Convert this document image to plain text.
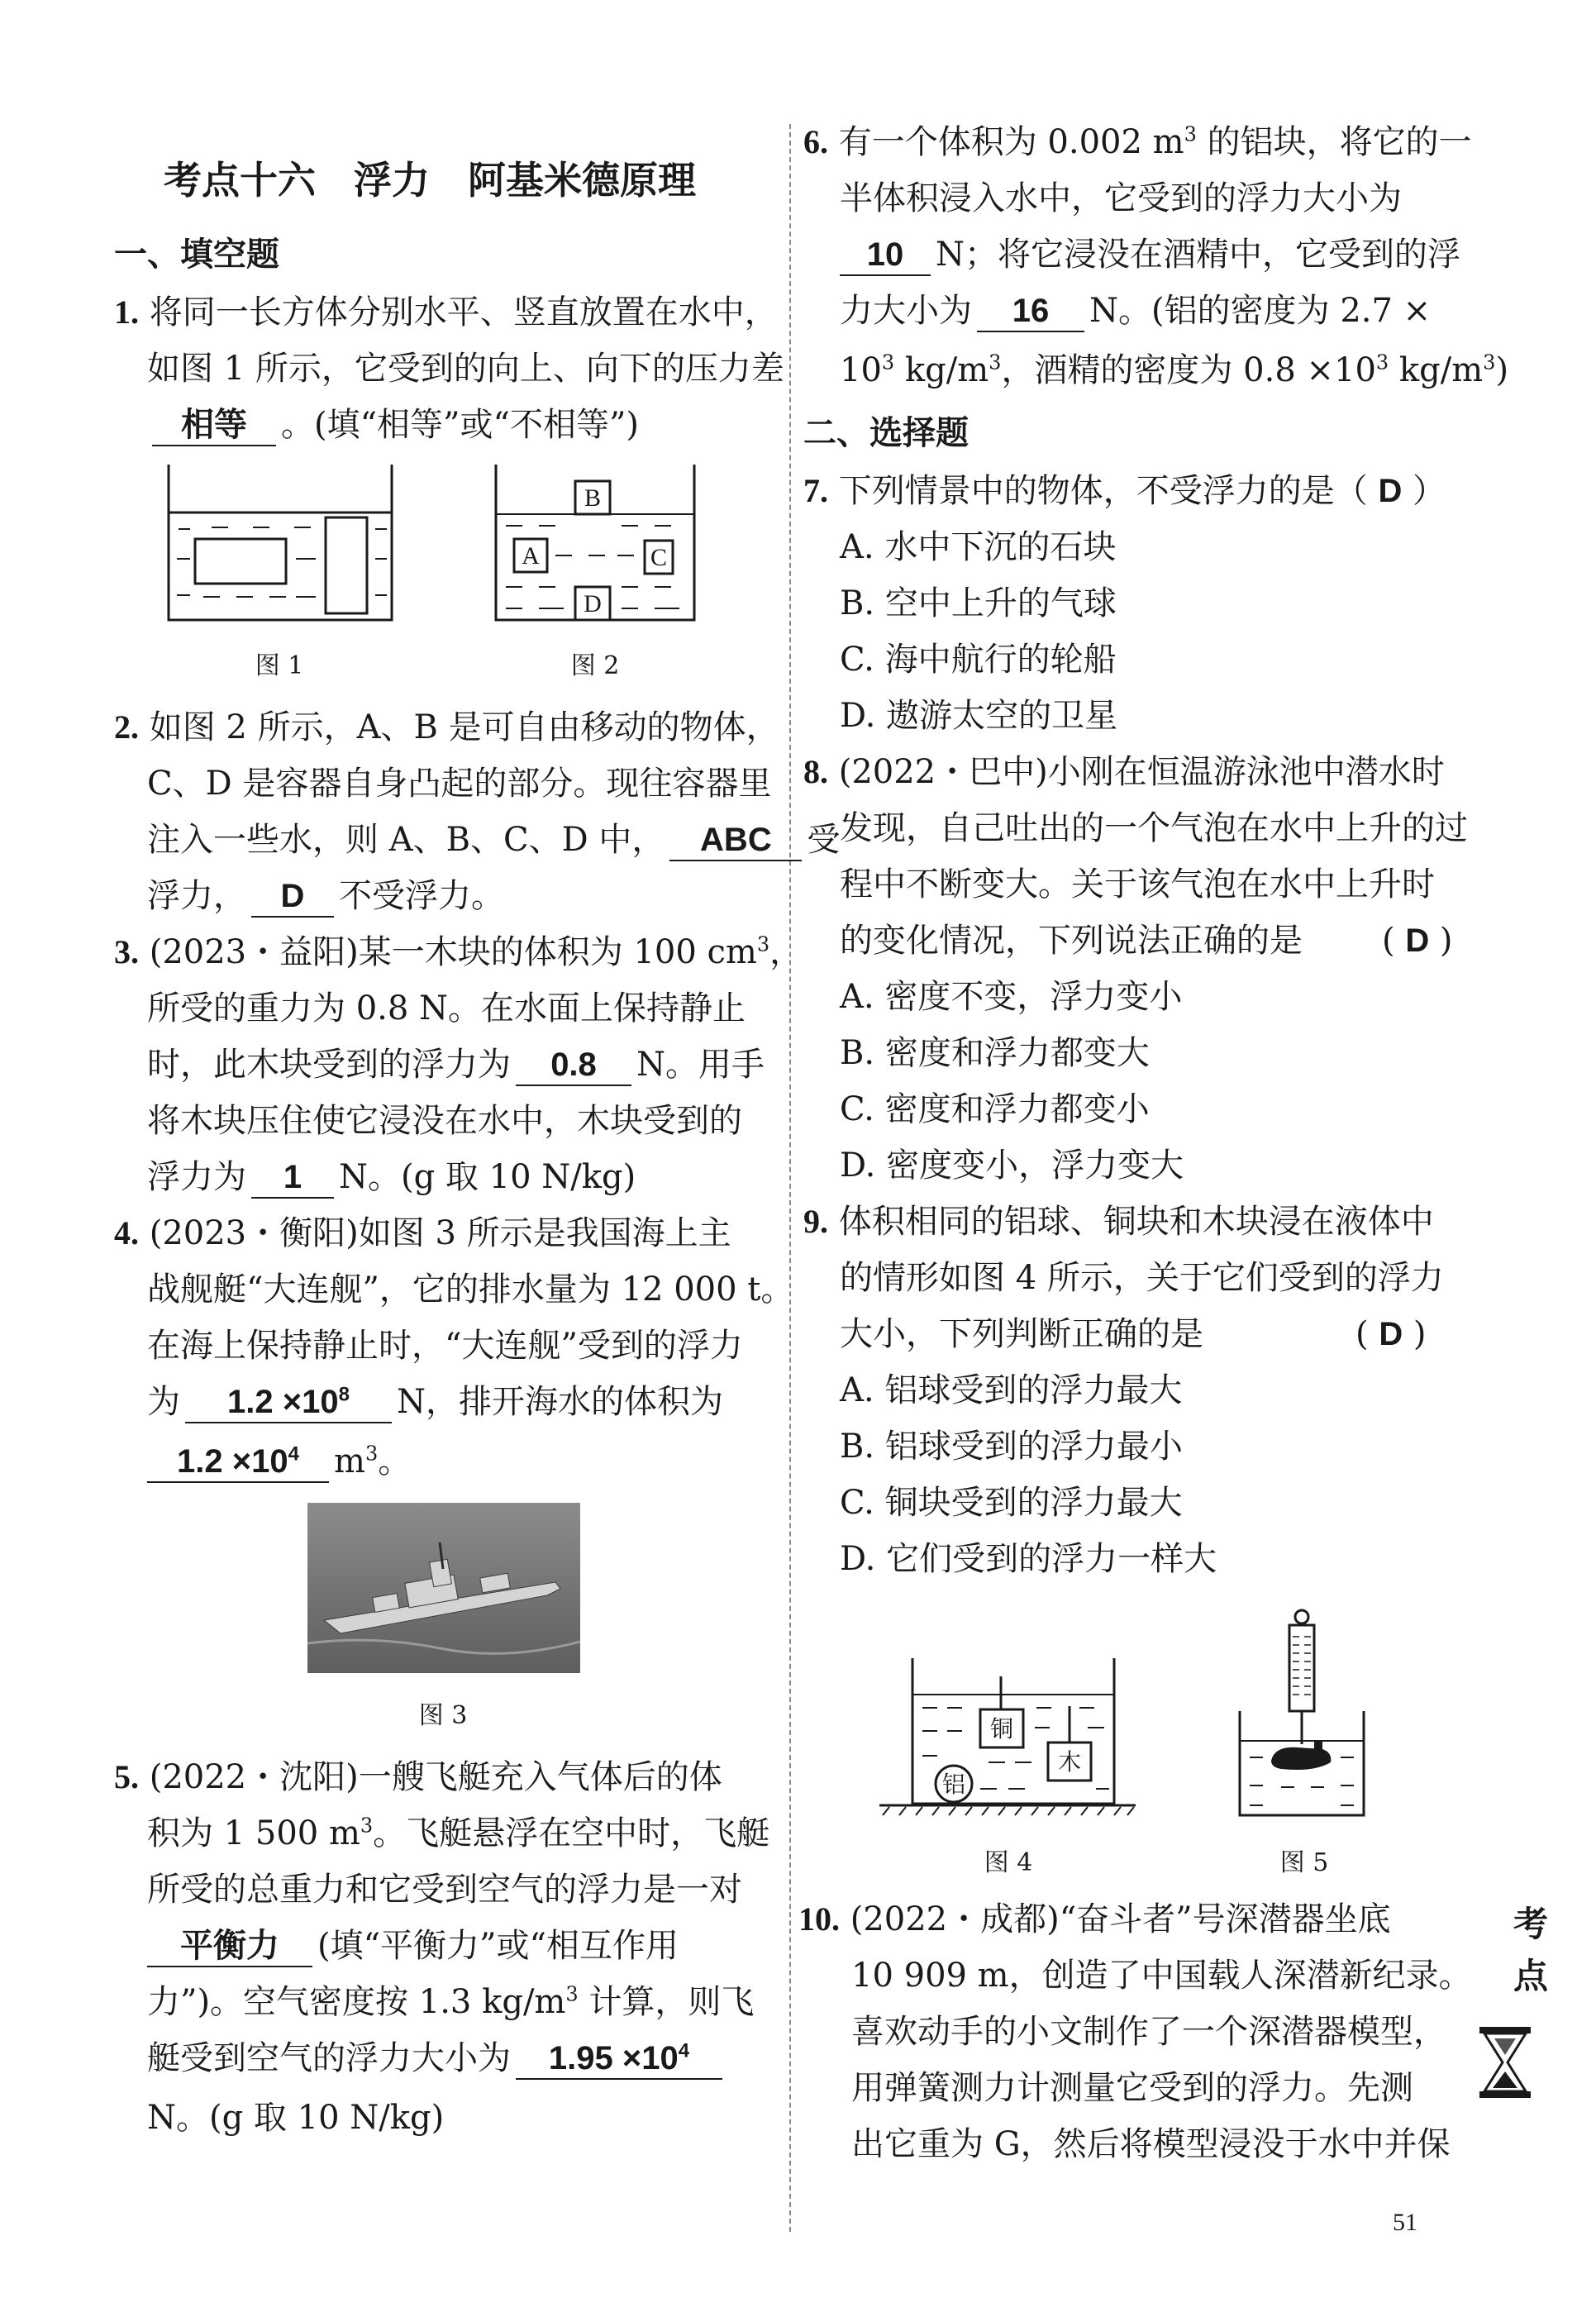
考点十六　浮力　阿基米德原理
一、填空题
1. 将同一长方体分别水平、竖直放置在水中，
如图 1 所示，它受到的向上、向下的压力差
相等 。(填“相等”或“不相等”)
图 1
B
A	C
D
图 2
2. 如图 2 所示，A、B 是可自由移动的物体，
C、D 是容器自身凸起的部分。现往容器里
注入一些水，则 A、B、C、D 中， ABC 受
浮力， D 不受浮力。
3. (2023・益阳)某一木块的体积为 100 $cm^3$，
所受的重力为 0.8 N。在水面上保持静止
时，此木块受到的浮力为 0.8 N。用手
将木块压住使它浸没在水中，木块受到的
浮力为 1 N。(g 取 10 N/kg)
4. (2023・衡阳)如图 3 所示是我国海上主
战舰艇“大连舰”，它的排水量为 12 000 t。
在海上保持静止时，“大连舰”受到的浮力
为 $1.2 \times 10^8$ N，排开海水的体积为
$1.2 \times 10^4$ $m^3$。
图 3
5. (2022・沈阳)一艘飞艇充入气体后的体
积为 1 500 $m^3$。飞艇悬浮在空中时，飞艇
所受的总重力和它受到空气的浮力是一对
平衡力 (填“平衡力”或“相互作用
力”)。空气密度按 1.3 $kg/m^3$ 计算，则飞
艇受到空气的浮力大小为 $1.95 \times 10^4$
N。(g 取 10 N/kg)
6. 有一个体积为 0.002 $m^3$ 的铝块，将它的一
半体积浸入水中，它受到的浮力大小为
10 N；将它浸没在酒精中，它受到的浮
力大小为 16 N。(铝的密度为 2.7 ×
$10^3$ $kg/m^3$，酒精的密度为 $0.8 \times 10^3$ $kg/m^3$)
二、选择题
7. 下列情景中的物体，不受浮力的是（ D ）
A. 水中下沉的石块
B. 空中上升的气球
C. 海中航行的轮船
D. 遨游太空的卫星
8. (2022・巴中)小刚在恒温游泳池中潜水时
发现，自己吐出的一个气泡在水中上升的过
程中不断变大。关于该气泡在水中上升时
的变化情况，下列说法正确的是 ( D )
A. 密度不变，浮力变小
B. 密度和浮力都变大
C. 密度和浮力都变小
D. 密度变小，浮力变大
9. 体积相同的铝球、铜块和木块浸在液体中
的情形如图 4 所示，关于它们受到的浮力
大小，下列判断正确的是	( D )
A. 铝球受到的浮力最大
B. 铝球受到的浮力最小
C. 铜块受到的浮力最大
D. 它们受到的浮力一样大
铜
木
铝
图 4	图 5
10. (2022・成都)“奋斗者”号深潜器坐底
10 909 m，创造了中国载人深潜新纪录。
喜欢动手的小文制作了一个深潜器模型，
用弹簧测力计测量它受到的浮力。先测
出它重为 G，然后将模型浸没于水中并保
考
点
51
